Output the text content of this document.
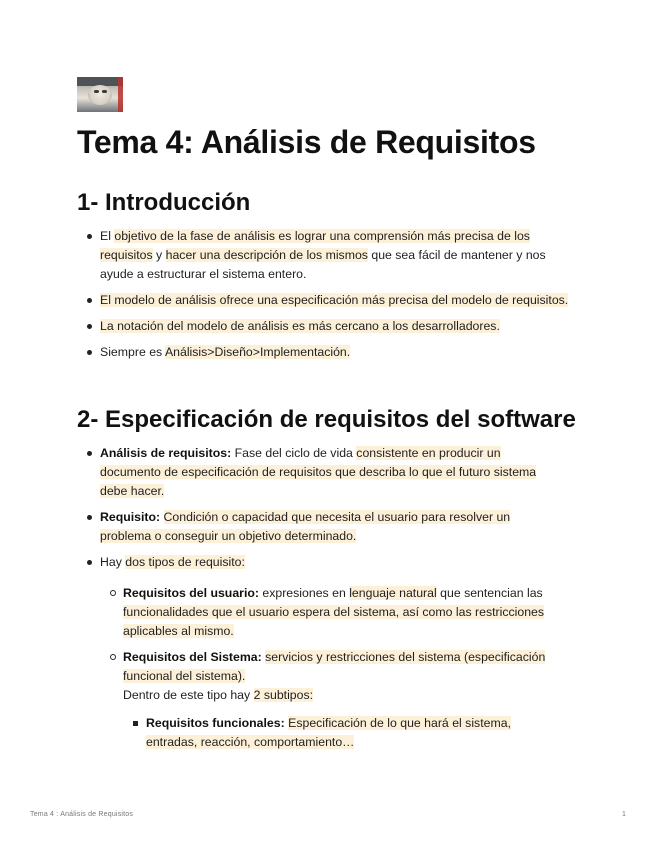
Tema 4: Análisis de Requisitos
1- Introducción
El objetivo de la fase de análisis es lograr una comprensión más precisa de los requisitos y hacer una descripción de los mismos que sea fácil de mantener y nos ayude a estructurar el sistema entero.
El modelo de análisis ofrece una especificación más precisa del modelo de requisitos.
La notación del modelo de análisis es más cercano a los desarrolladores.
Siempre es Análisis>Diseño>Implementación.
2- Especificación de requisitos del software
Análisis de requisitos: Fase del ciclo de vida consistente en producir un documento de especificación de requisitos que describa lo que el futuro sistema debe hacer.
Requisito: Condición o capacidad que necesita el usuario para resolver un problema o conseguir un objetivo determinado.
Hay dos tipos de requisito:
Requisitos del usuario: expresiones en lenguaje natural que sentencian las funcionalidades que el usuario espera del sistema, así como las restricciones aplicables al mismo.
Requisitos del Sistema: servicios y restricciones del sistema (especificación funcional del sistema).
Dentro de este tipo hay 2 subtipos:
Requisitos funcionales: Especificación de lo que hará el sistema, entradas, reacción, comportamiento…
Tema 4 : Análisis de Requisitos	1
